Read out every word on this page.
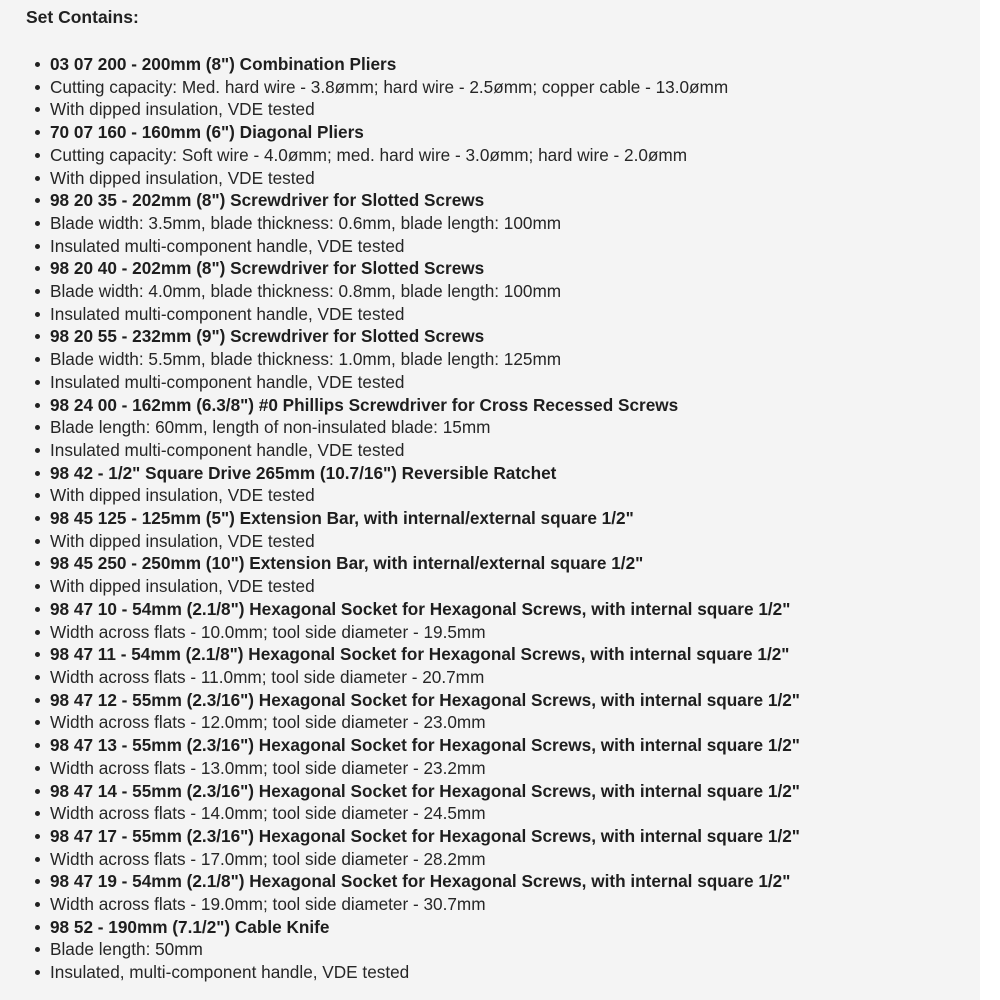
Set Contains:
03 07 200 - 200mm (8") Combination Pliers
Cutting capacity: Med. hard wire - 3.8ømm; hard wire - 2.5ømm; copper cable - 13.0ømm
With dipped insulation, VDE tested
70 07 160 - 160mm (6") Diagonal Pliers
Cutting capacity: Soft wire - 4.0ømm; med. hard wire - 3.0ømm; hard wire - 2.0ømm
With dipped insulation, VDE tested
98 20 35 - 202mm (8") Screwdriver for Slotted Screws
Blade width: 3.5mm, blade thickness: 0.6mm, blade length: 100mm
Insulated multi-component handle, VDE tested
98 20 40 - 202mm (8") Screwdriver for Slotted Screws
Blade width: 4.0mm, blade thickness: 0.8mm, blade length: 100mm
Insulated multi-component handle, VDE tested
98 20 55 - 232mm (9") Screwdriver for Slotted Screws
Blade width: 5.5mm, blade thickness: 1.0mm, blade length: 125mm
Insulated multi-component handle, VDE tested
98 24 00 - 162mm (6.3/8") #0 Phillips Screwdriver for Cross Recessed Screws
Blade length: 60mm, length of non-insulated blade: 15mm
Insulated multi-component handle, VDE tested
98 42 - 1/2" Square Drive 265mm (10.7/16") Reversible Ratchet
With dipped insulation, VDE tested
98 45 125 - 125mm (5") Extension Bar, with internal/external square 1/2"
With dipped insulation, VDE tested
98 45 250 - 250mm (10") Extension Bar, with internal/external square 1/2"
With dipped insulation, VDE tested
98 47 10 - 54mm (2.1/8") Hexagonal Socket for Hexagonal Screws, with internal square 1/2"
Width across flats - 10.0mm; tool side diameter - 19.5mm
98 47 11 - 54mm (2.1/8") Hexagonal Socket for Hexagonal Screws, with internal square 1/2"
Width across flats - 11.0mm; tool side diameter - 20.7mm
98 47 12 - 55mm (2.3/16") Hexagonal Socket for Hexagonal Screws, with internal square 1/2"
Width across flats - 12.0mm; tool side diameter - 23.0mm
98 47 13 - 55mm (2.3/16") Hexagonal Socket for Hexagonal Screws, with internal square 1/2"
Width across flats - 13.0mm; tool side diameter - 23.2mm
98 47 14 - 55mm (2.3/16") Hexagonal Socket for Hexagonal Screws, with internal square 1/2"
Width across flats - 14.0mm; tool side diameter - 24.5mm
98 47 17 - 55mm (2.3/16") Hexagonal Socket for Hexagonal Screws, with internal square 1/2"
Width across flats - 17.0mm; tool side diameter - 28.2mm
98 47 19 - 54mm (2.1/8") Hexagonal Socket for Hexagonal Screws, with internal square 1/2"
Width across flats - 19.0mm; tool side diameter - 30.7mm
98 52 - 190mm (7.1/2") Cable Knife
Blade length: 50mm
Insulated, multi-component handle, VDE tested
